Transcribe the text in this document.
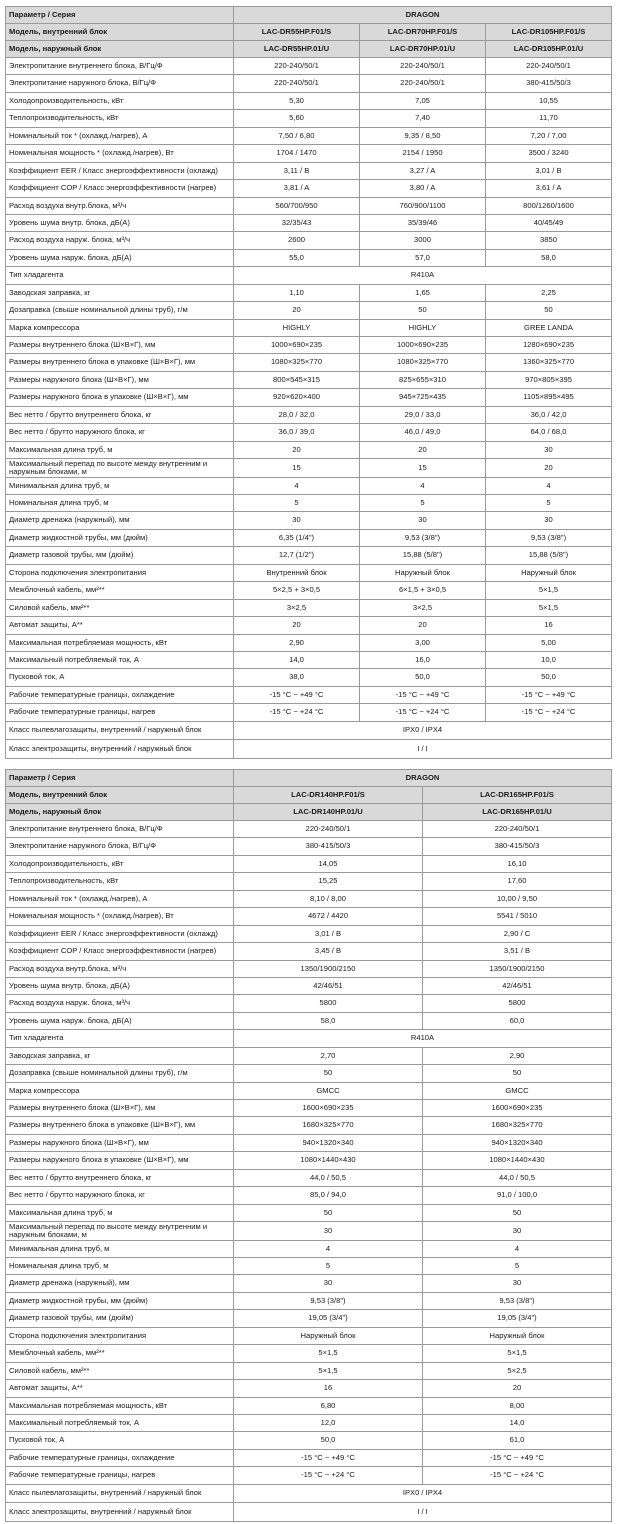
Параметр / Серия	DRAGON		
Модель, внутренний блок	LAC-DR55HP.F01/S	LAC-DR70HP.F01/S	LAC-DR105HP.F01/S
Модель, наружный блок	LAC-DR55HP.01/U	LAC-DR70HP.01/U	LAC-DR105HP.01/U
Электропитание внутреннего блока, В/Гц/Ф	220-240/50/1	220-240/50/1	220-240/50/1
Электропитание наружного блока, В/Гц/Ф	220-240/50/1	220-240/50/1	380-415/50/3
Холодопроизводительность, кВт	5,30	7,05	10,55
Теплопроизводительность, кВт	5,60	7,40	11,70
Номинальный ток * (охлажд./нагрев), А	7,50 / 6,80	9,35 / 8,50	7,20 / 7,00
Номинальная мощность * (охлажд./нагрев), Вт	1704 / 1470	2154 / 1950	3500 / 3240
Коэффициент EER / Класс энергоэффективности (охлажд)	3,11 / B	3,27 / A	3,01 / B
Коэффициент COP / Класс энергоэффективности (нагрев)	3,81 / A	3,80 / A	3,61 / A
Расход воздуха внутр.блока, м³/ч	560/700/950	760/900/1100	800/1260/1600
Уровень шума внутр. блока, дБ(А)	32/35/43	35/39/46	40/45/49
Расход воздуха наруж. блока, м³/ч	2600	3000	3850
Уровень шума наруж. блока, дБ(А)	55,0	57,0	58,0
Тип хладагента	R410A		
Заводская заправка, кг	1,10	1,65	2,25
Дозаправка (свыше номинальной длины труб), г/м	20	50	50
Марка компрессора	HIGHLY	HIGHLY	GREE LANDA
Размеры внутреннего блока (Ш×В×Г), мм	1000×690×235	1000×690×235	1280×690×235
Размеры внутреннего блока в упаковке (Ш×В×Г), мм	1080×325×770	1080×325×770	1360×325×770
Размеры наружного блока (Ш×В×Г), мм	800×545×315	825×655×310	970×805×395
Размеры наружного блока в упаковке (Ш×В×Г), мм	920×620×400	945×725×435	1105×895×495
Вес нетто / брутто внутреннего блока, кг	28,0 / 32,0	29,0 / 33,0	36,0 / 42,0
Вес нетто / брутто наружного блока, кг	36,0 / 39,0	46,0 / 49,0	64,0 / 68,0
Максимальная длина труб, м	20	20	30
Максимальный перепад по высоте между внутренним и наружным блоками, м	15	15	20
Минимальная длина труб, м	4	4	4
Номинальная длина труб, м	5	5	5
Диаметр дренажа (наружный), мм	30	30	30
Диаметр жидкостной трубы, мм (дюйм)	6,35 (1/4")	9,53 (3/8")	9,53 (3/8")
Диаметр газовой трубы, мм (дюйм)	12,7 (1/2")	15,88 (5/8")	15,88 (5/8")
Сторона подключения электропитания	Внутренний блок	Наружный блок	Наружный блок
Межблочный кабель, мм²**	5×2,5 + 3×0,5	6×1,5 + 3×0,5	5×1,5
Силовой кабель, мм²**	3×2,5	3×2,5	5×1,5
Автомат защиты, А**	20	20	16
Максимальная потребляемая мощность, кВт	2,90	3,00	5,00
Максимальный потребляемый ток, А	14,0	16,0	10,0
Пусковой ток, А	38,0	50,0	50,0
Рабочие температурные границы, охлаждение	-15 °C ~ +49 °C	-15 °C ~ +49 °C	-15 °C ~ +49 °C
Рабочие температурные границы, нагрев	-15 °C ~ +24 °C	-15 °C ~ +24 °C	-15 °C ~ +24 °C
Класс пылевлагозащиты, внутренний / наружный блок	IPX0 / IPX4		
Класс электрозащиты, внутренний / наружный блок	I / I		
Параметр / Серия	DRAGON	
Модель, внутренний блок	LAC-DR140HP.F01/S	LAC-DR165HP.F01/S
Модель, наружный блок	LAC-DR140HP.01/U	LAC-DR165HP.01/U
Электропитание внутреннего блока, В/Гц/Ф	220-240/50/1	220-240/50/1
Электропитание наружного блока, В/Гц/Ф	380-415/50/3	380-415/50/3
Холодопроизводительность, кВт	14,05	16,10
Теплопроизводительность, кВт	15,25	17,60
Номинальный ток * (охлажд./нагрев), А	8,10 / 8,00	10,00 / 9,50
Номинальная мощность * (охлажд./нагрев), Вт	4672 / 4420	5541 / 5010
Коэффициент EER / Класс энергоэффективности (охлажд)	3,01 / B	2,90 / C
Коэффициент COP / Класс энергоэффективности (нагрев)	3,45 / B	3,51 / B
Расход воздуха внутр.блока, м³/ч	1350/1900/2150	1350/1900/2150
Уровень шума внутр. блока, дБ(А)	42/46/51	42/46/51
Расход воздуха наруж. блока, м³/ч	5800	5800
Уровень шума наруж. блока, дБ(А)	58,0	60,0
Тип хладагента	R410A	
Заводская заправка, кг	2,70	2,90
Дозаправка (свыше номинальной длины труб), г/м	50	50
Марка компрессора	GMCC	GMCC
Размеры внутреннего блока (Ш×В×Г), мм	1600×690×235	1600×690×235
Размеры внутреннего блока в упаковке (Ш×В×Г), мм	1680×325×770	1680×325×770
Размеры наружного блока (Ш×В×Г), мм	940×1320×340	940×1320×340
Размеры наружного блока в упаковке (Ш×В×Г), мм	1080×1440×430	1080×1440×430
Вес нетто / брутто внутреннего блока, кг	44,0 / 50,5	44,0 / 50,5
Вес нетто / брутто наружного блока, кг	85,0 / 94,0	91,0 / 100,0
Максимальная длина труб, м	50	50
Максимальный перепад по высоте между внутренним и наружным блоками, м	30	30
Минимальная длина труб, м	4	4
Номинальная длина труб, м	5	5
Диаметр дренажа (наружный), мм	30	30
Диаметр жидкостной трубы, мм (дюйм)	9,53 (3/8")	9,53 (3/8")
Диаметр газовой трубы, мм (дюйм)	19,05 (3/4")	19,05 (3/4")
Сторона подключения электропитания	Наружный блок	Наружный блок
Межблочный кабель, мм²**	5×1,5	5×1,5
Силовой кабель, мм²**	5×1,5	5×2,5
Автомат защиты, А**	16	20
Максимальная потребляемая мощность, кВт	6,80	8,00
Максимальный потребляемый ток, А	12,0	14,0
Пусковой ток, А	50,0	61,0
Рабочие температурные границы, охлаждение	-15 °C ~ +49 °C	-15 °C ~ +49 °C
Рабочие температурные границы, нагрев	-15 °C ~ +24 °C	-15 °C ~ +24 °C
Класс пылевлагозащиты, внутренний / наружный блок	IPX0 / IPX4	
Класс электрозащиты, внутренний / наружный блок	I / I	
